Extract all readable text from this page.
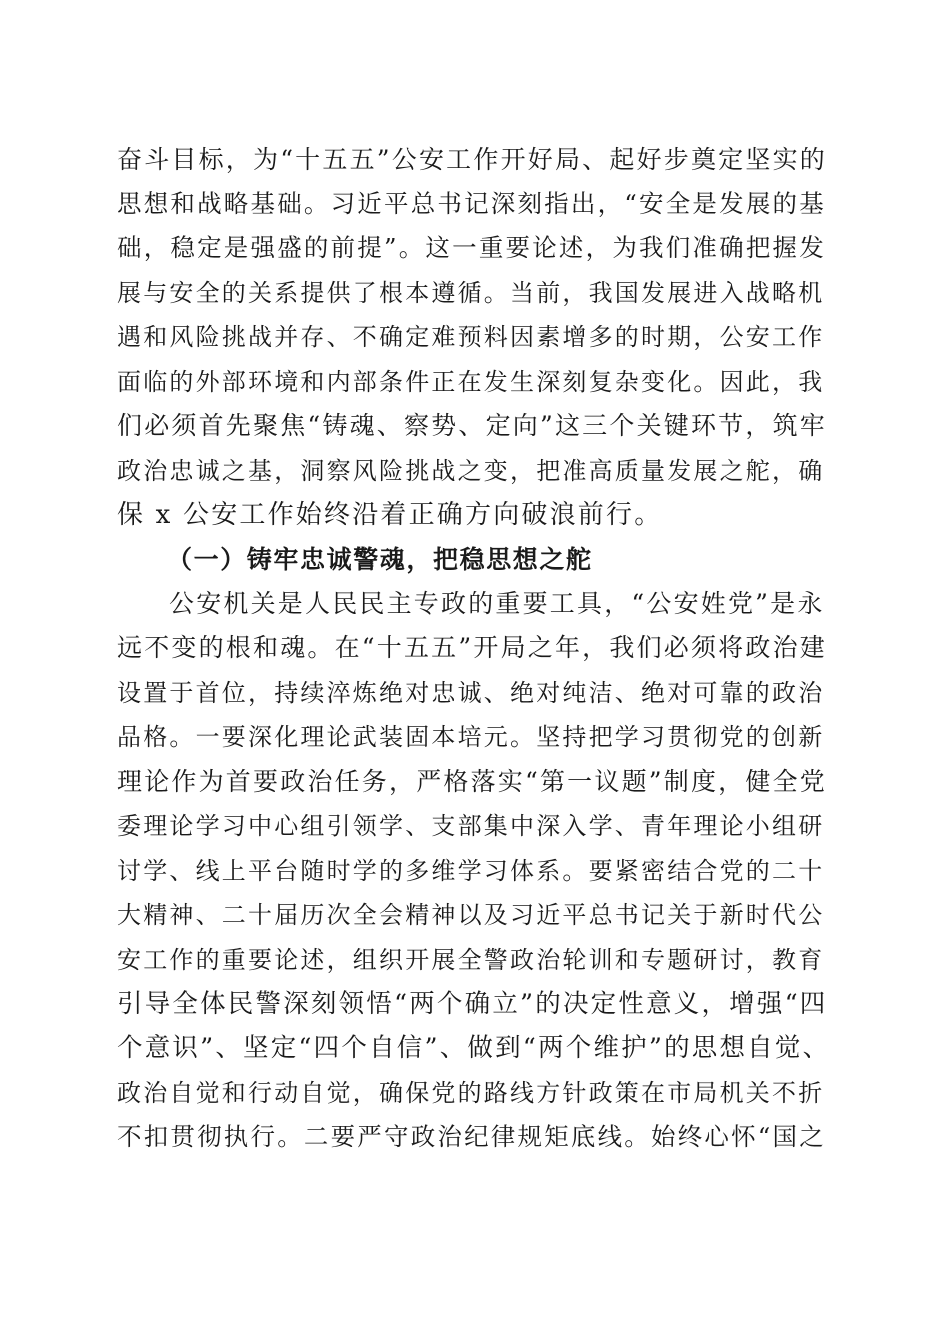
奋斗目标，为“十五五”公安工作开好局、起好步奠定坚实的
思想和战略基础。习近平总书记深刻指出，“安全是发展的基
础，稳定是强盛的前提”。这一重要论述，为我们准确把握发
展与安全的关系提供了根本遵循。当前，我国发展进入战略机
遇和风险挑战并存、不确定难预料因素增多的时期，公安工作
面临的外部环境和内部条件正在发生深刻复杂变化。因此，我
们必须首先聚焦“铸魂、察势、定向”这三个关键环节，筑牢
政治忠诚之基，洞察风险挑战之变，把准高质量发展之舵，确
保 x 公安工作始终沿着正确方向破浪前行。
（一）铸牢忠诚警魂，把稳思想之舵
公安机关是人民民主专政的重要工具，“公安姓党”是永
远不变的根和魂。在“十五五”开局之年，我们必须将政治建
设置于首位，持续淬炼绝对忠诚、绝对纯洁、绝对可靠的政治
品格。一要深化理论武装固本培元。坚持把学习贯彻党的创新
理论作为首要政治任务，严格落实“第一议题”制度，健全党
委理论学习中心组引领学、支部集中深入学、青年理论小组研
讨学、线上平台随时学的多维学习体系。要紧密结合党的二十
大精神、二十届历次全会精神以及习近平总书记关于新时代公
安工作的重要论述，组织开展全警政治轮训和专题研讨，教育
引导全体民警深刻领悟“两个确立”的决定性意义，增强“四
个意识”、坚定“四个自信”、做到“两个维护”的思想自觉、
政治自觉和行动自觉，确保党的路线方针政策在市局机关不折
不扣贯彻执行。二要严守政治纪律规矩底线。始终心怀“国之
